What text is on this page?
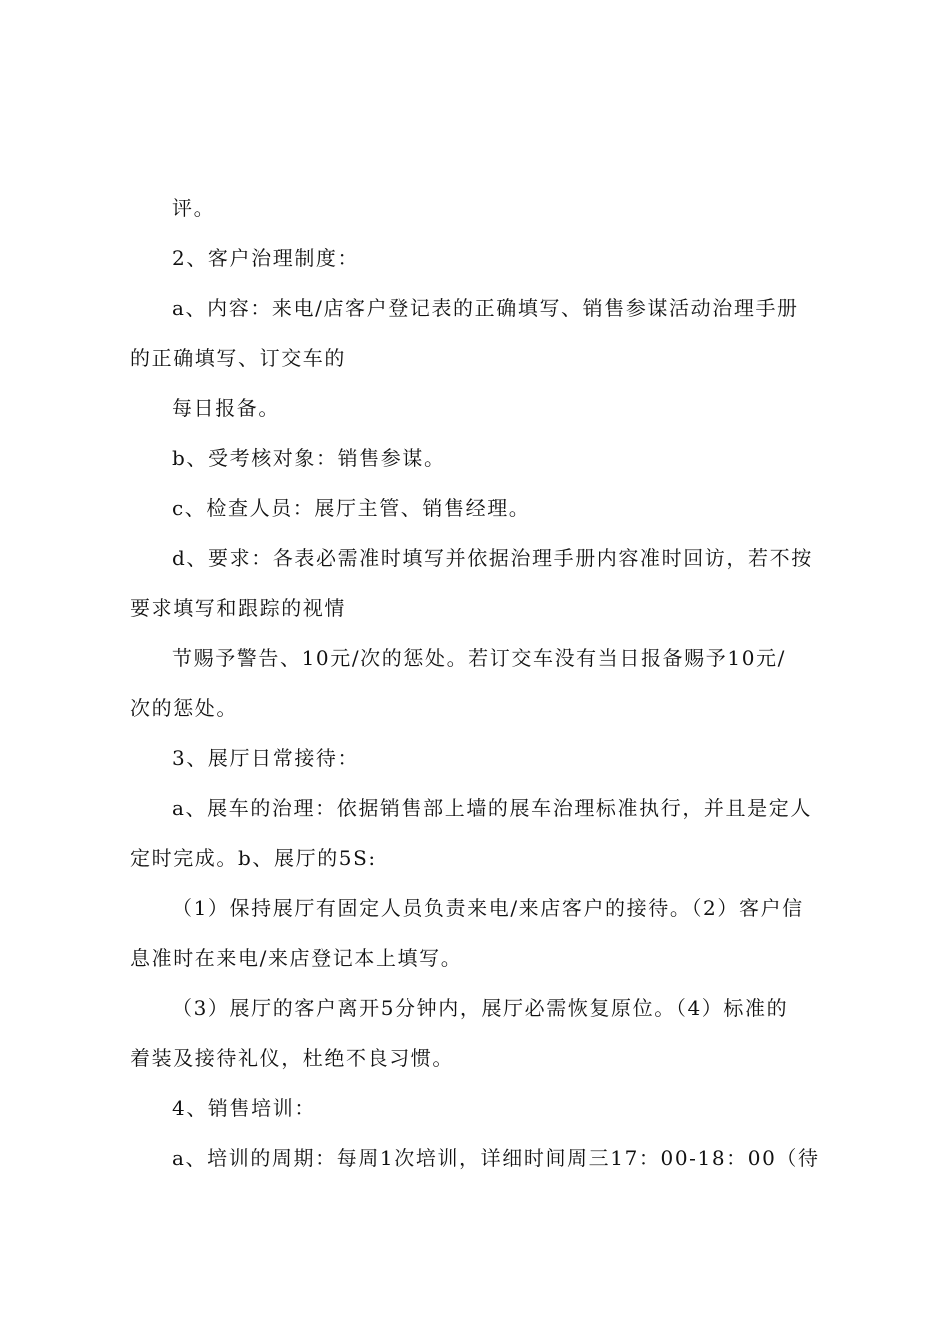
评。
2、客户治理制度：
a、内容：来电/店客户登记表的正确填写、销售参谋活动治理手册
的正确填写、订交车的
每日报备。
b、受考核对象：销售参谋。
c、检查人员：展厅主管、销售经理。
d、要求：各表必需准时填写并依据治理手册内容准时回访，若不按
要求填写和跟踪的视情
节赐予警告、10元/次的惩处。若订交车没有当日报备赐予10元/
次的惩处。
3、展厅日常接待：
a、展车的治理：依据销售部上墙的展车治理标准执行，并且是定人
定时完成。b、展厅的5S:
（1）保持展厅有固定人员负责来电/来店客户的接待。（2）客户信
息准时在来电/来店登记本上填写。
（3）展厅的客户离开5分钟内，展厅必需恢复原位。（4）标准的
着装及接待礼仪，杜绝不良习惯。
4、销售培训：
a、培训的周期：每周1次培训，详细时间周三17：00-18：00（待
